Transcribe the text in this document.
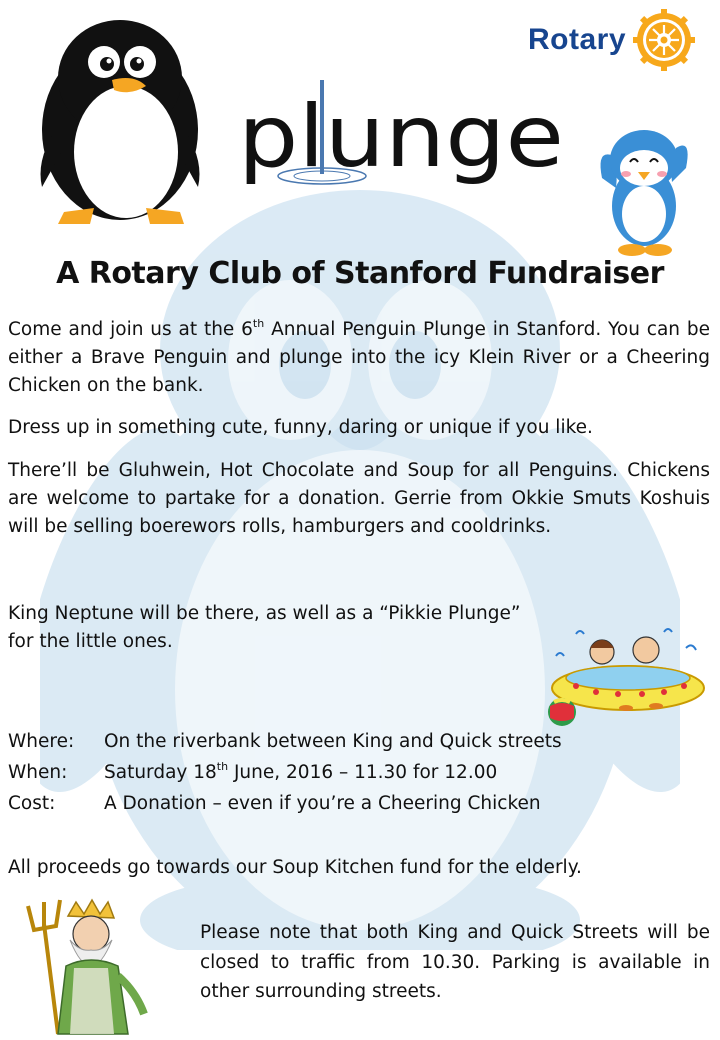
Rotary
plunge
A Rotary Club of Stanford Fundraiser
Come and join us at the 6th Annual Penguin Plunge in Stanford. You can be either a Brave Penguin and plunge into the icy Klein River or a Cheering Chicken on the bank.
Dress up in something cute, funny, daring or unique if you like.
There’ll be Gluhwein, Hot Chocolate and Soup for all Penguins. Chickens are welcome to partake for a donation. Gerrie from Okkie Smuts Koshuis will be selling boerewors rolls, hamburgers and cooldrinks.
King Neptune will be there, as well as a “Pikkie Plunge”
for the little ones.
Where: On the riverbank between King and Quick streets
When: Saturday 18th June, 2016 – 11.30 for 12.00
Cost:	A Donation – even if you’re a Cheering Chicken
All proceeds go towards our Soup Kitchen fund for the elderly.
Please note that both King and Quick Streets will be closed to traffic from 10.30. Parking is available in other surrounding streets.
